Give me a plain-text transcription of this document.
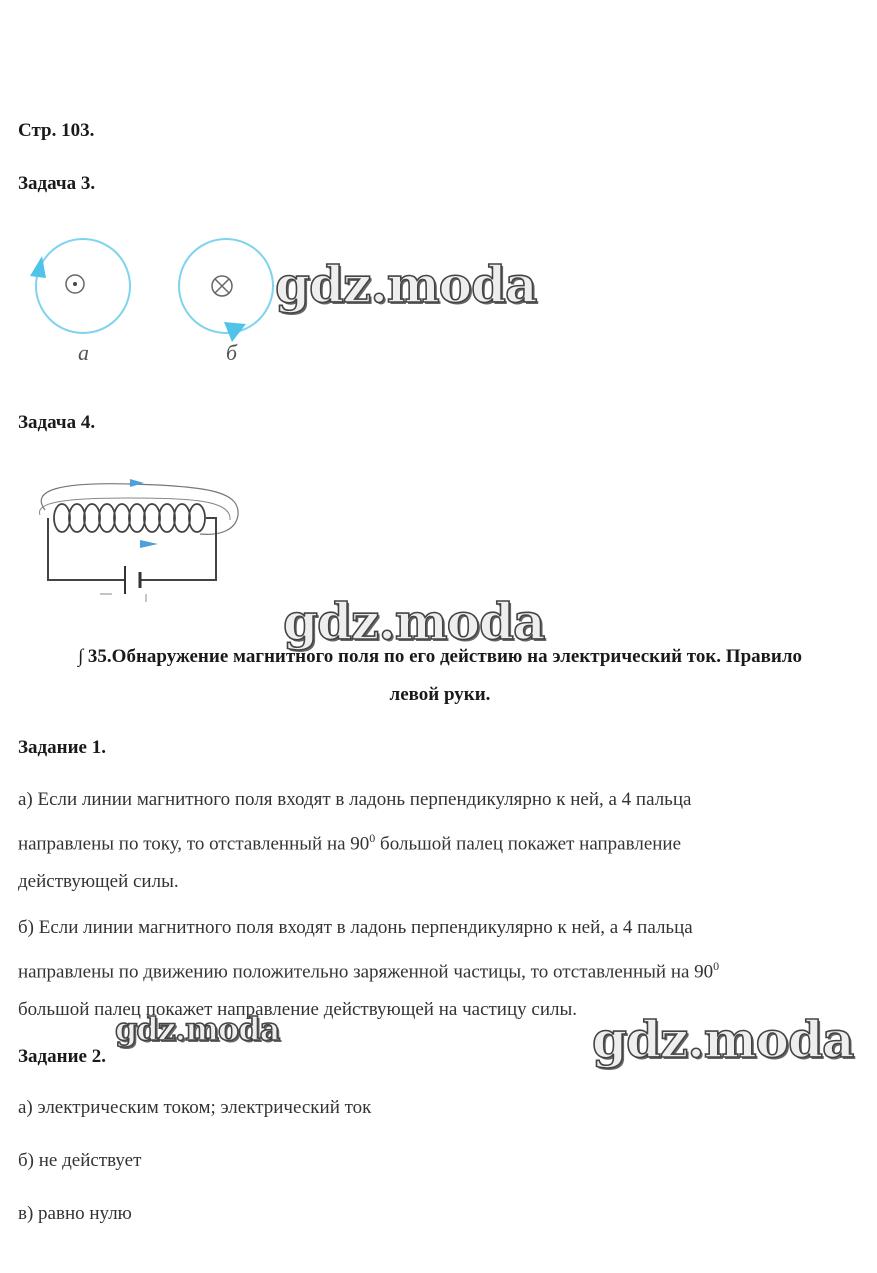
Стр. 103.
Задача 3.
а	б
gdz.moda
Задача 4.
gdz.moda
∫ 35.Обнаружение магнитного поля по его действию на электрический ток. Правило
левой руки.
Задание 1.
а) Если линии магнитного поля входят в ладонь перпендикулярно к ней, а 4 пальца
направлены по току, то отставленный на $90^0$ большой палец покажет направление
действующей силы.
б) Если линии магнитного поля входят в ладонь перпендикулярно к ней, а 4 пальца
направлены по движению положительно заряженной частицы, то отставленный на $90^0$
большой палец покажет направление действующей на частицу силы.
gdz.moda	gdz.moda
Задание 2.
а) электрическим током; электрический ток
б) не действует
в) равно нулю
